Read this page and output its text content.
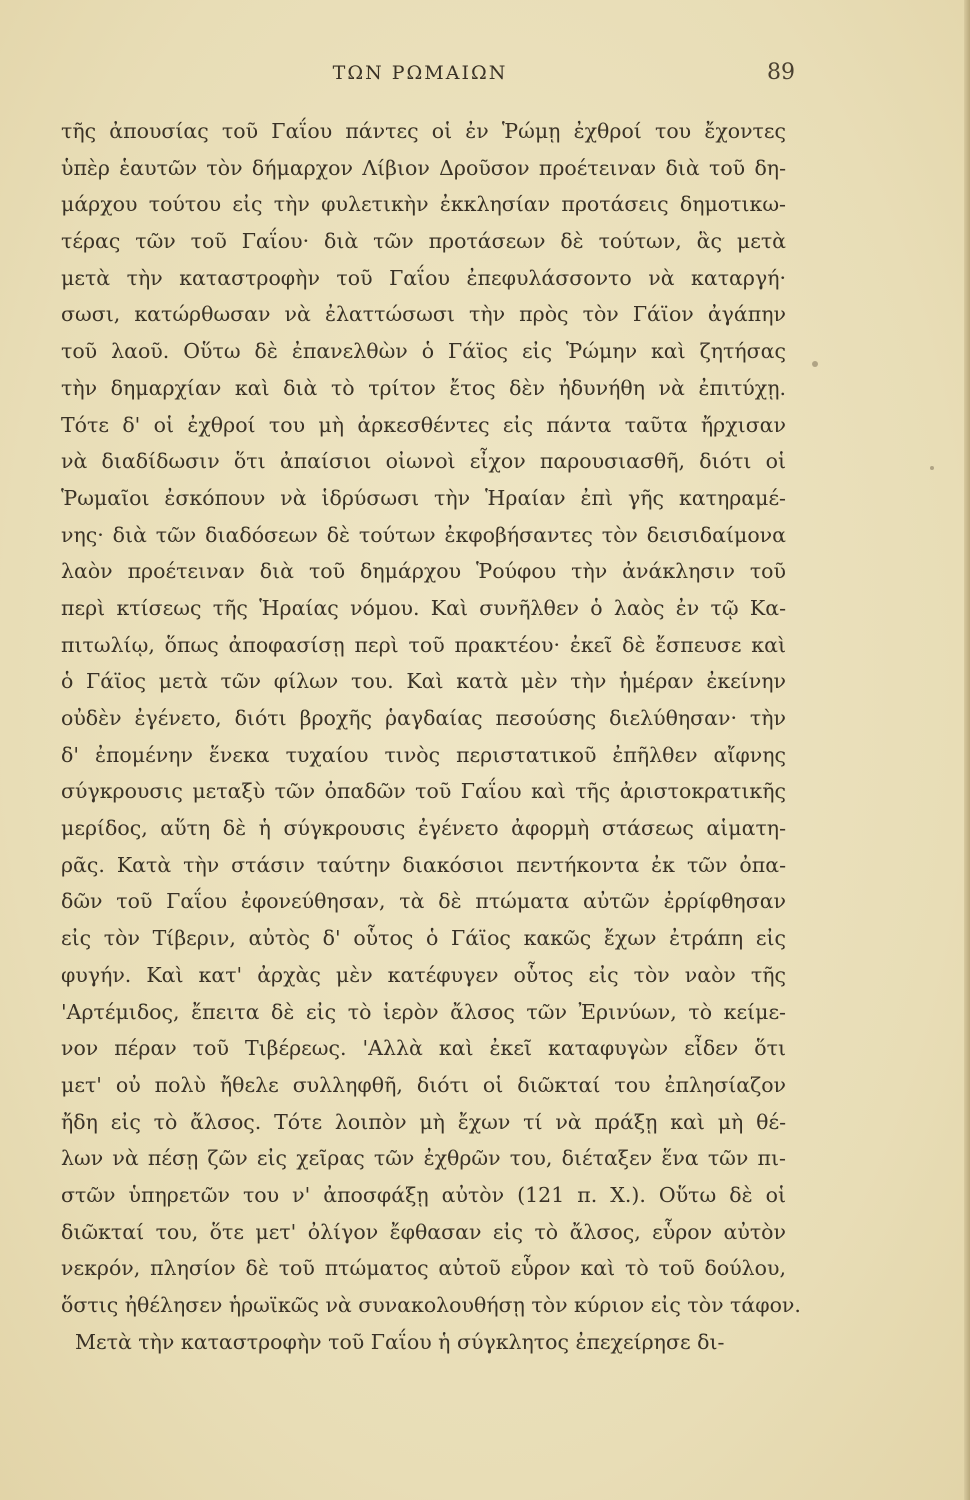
ΤΩΝ ΡΩΜΑΙΩΝ	89
τῆς ἀπουσίας τοῦ Γαΐου πάντες οἱ ἐν Ῥώμῃ ἐχθροί του ἔχοντες
ὑπὲρ ἑαυτῶν τὸν δήμαρχον Λίβιον Δροῦσον προέτειναν διὰ τοῦ δη-
μάρχου τούτου εἰς τὴν φυλετικὴν ἐκκλησίαν προτάσεις δημοτικω-
τέρας τῶν τοῦ Γαΐου· διὰ τῶν προτάσεων δὲ τούτων, ἃς μετὰ
μετὰ τὴν καταστροφὴν τοῦ Γαΐου ἐπεφυλάσσοντο νὰ καταργή·
σωσι, κατώρθωσαν νὰ ἐλαττώσωσι τὴν πρὸς τὸν Γάϊον ἀγάπην
τοῦ λαοῦ. Οὕτω δὲ ἐπανελθὼν ὁ Γάϊος εἰς Ῥώμην καὶ ζητήσας
τὴν δημαρχίαν καὶ διὰ τὸ τρίτον ἔτος δὲν ἠδυνήθη νὰ ἐπιτύχῃ.
Τότε δ' οἱ ἐχθροί του μὴ ἀρκεσθέντες εἰς πάντα ταῦτα ἤρχισαν
νὰ διαδίδωσιν ὅτι ἀπαίσιοι οἰωνοὶ εἶχον παρουσιασθῆ, διότι οἱ
Ῥωμαῖοι ἐσκόπουν νὰ ἱδρύσωσι τὴν Ἡραίαν ἐπὶ γῆς κατηραμέ-
νης· διὰ τῶν διαδόσεων δὲ τούτων ἐκφοβήσαντες τὸν δεισιδαίμονα
λαὸν προέτειναν διὰ τοῦ δημάρχου Ῥούφου τὴν ἀνάκλησιν τοῦ
περὶ κτίσεως τῆς Ἡραίας νόμου. Καὶ συνῆλθεν ὁ λαὸς ἐν τῷ Κα-
πιτωλίῳ, ὅπως ἀποφασίσῃ περὶ τοῦ πρακτέου· ἐκεῖ δὲ ἔσπευσε καὶ
ὁ Γάϊος μετὰ τῶν φίλων του. Καὶ κατὰ μὲν τὴν ἡμέραν ἐκείνην
οὐδὲν ἐγένετο, διότι βροχῆς ῥαγδαίας πεσούσης διελύθησαν· τὴν
δ' ἐπομένην ἕνεκα τυχαίου τινὸς περιστατικοῦ ἐπῆλθεν αἴφνης
σύγκρουσις μεταξὺ τῶν ὀπαδῶν τοῦ Γαΐου καὶ τῆς ἀριστοκρατικῆς
μερίδος, αὕτη δὲ ἡ σύγκρουσις ἐγένετο ἀφορμὴ στάσεως αἱματη-
ρᾶς. Κατὰ τὴν στάσιν ταύτην διακόσιοι πεντήκοντα ἐκ τῶν ὀπα-
δῶν τοῦ Γαΐου ἐφονεύθησαν, τὰ δὲ πτώματα αὐτῶν ἐρρίφθησαν
εἰς τὸν Τίβεριν, αὐτὸς δ' οὗτος ὁ Γάϊος κακῶς ἔχων ἐτράπη εἰς
φυγήν. Καὶ κατ' ἀρχὰς μὲν κατέφυγεν οὗτος εἰς τὸν ναὸν τῆς
'Αρτέμιδος, ἔπειτα δὲ εἰς τὸ ἱερὸν ἄλσος τῶν Ἐρινύων, τὸ κείμε-
νον πέραν τοῦ Τιβέρεως. 'Αλλὰ καὶ ἐκεῖ καταφυγὼν εἶδεν ὅτι
μετ' οὐ πολὺ ἤθελε συλληφθῆ, διότι οἱ διῶκταί του ἐπλησίαζον
ἤδη εἰς τὸ ἄλσος. Τότε λοιπὸν μὴ ἔχων τί νὰ πράξῃ καὶ μὴ θέ-
λων νὰ πέσῃ ζῶν εἰς χεῖρας τῶν ἐχθρῶν του, διέταξεν ἕνα τῶν πι-
στῶν ὑπηρετῶν του ν' ἀποσφάξῃ αὐτὸν (121 π. Χ.). Οὕτω δὲ οἱ
διῶκταί του, ὅτε μετ' ὀλίγον ἔφθασαν εἰς τὸ ἄλσος, εὗρον αὐτὸν
νεκρόν, πλησίον δὲ τοῦ πτώματος αὐτοῦ εὗρον καὶ τὸ τοῦ δούλου,
ὅστις ἠθέλησεν ἡρωϊκῶς νὰ συνακολουθήσῃ τὸν κύριον εἰς τὸν τάφον.
Μετὰ τὴν καταστροφὴν τοῦ Γαΐου ἡ σύγκλητος ἐπεχείρησε δι-
